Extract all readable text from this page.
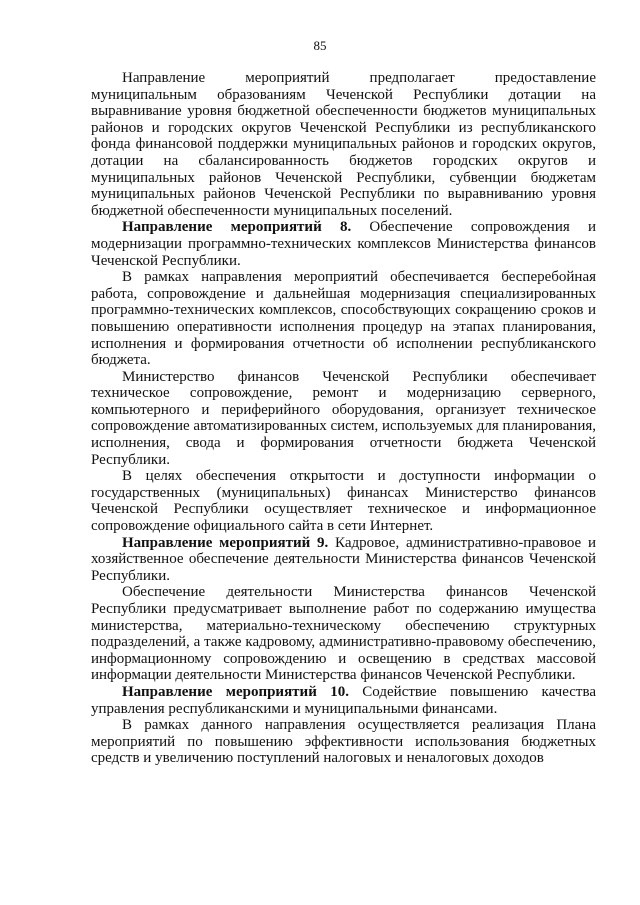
85

Направление мероприятий предполагает предоставление муниципальным образованиям Чеченской Республики дотации на выравнивание уровня бюджетной обеспеченности бюджетов муниципальных районов и городских округов Чеченской Республики из республиканского фонда финансовой поддержки муниципальных районов и городских округов, дотации на сбалансированность бюджетов городских округов и муниципальных районов Чеченской Республики, субвенции бюджетам муниципальных районов Чеченской Республики по выравниванию уровня бюджетной обеспеченности муниципальных поселений.

Направление мероприятий 8. Обеспечение сопровождения и модернизации программно-технических комплексов Министерства финансов Чеченской Республики.

В рамках направления мероприятий обеспечивается бесперебойная работа, сопровождение и дальнейшая модернизация специализированных программно-технических комплексов, способствующих сокращению сроков и повышению оперативности исполнения процедур на этапах планирования, исполнения и формирования отчетности об исполнении республиканского бюджета.

Министерство финансов Чеченской Республики обеспечивает техническое сопровождение, ремонт и модернизацию серверного, компьютерного и периферийного оборудования, организует техническое сопровождение автоматизированных систем, используемых для планирования, исполнения, свода и формирования отчетности бюджета Чеченской Республики.

В целях обеспечения открытости и доступности информации о государственных (муниципальных) финансах Министерство финансов Чеченской Республики осуществляет техническое и информационное сопровождение официального сайта в сети Интернет.

Направление мероприятий 9. Кадровое, административно-правовое и хозяйственное обеспечение деятельности Министерства финансов Чеченской Республики.

Обеспечение деятельности Министерства финансов Чеченской Республики предусматривает выполнение работ по содержанию имущества министерства, материально-техническому обеспечению структурных подразделений, а также кадровому, административно-правовому обеспечению, информационному сопровождению и освещению в средствах массовой информации деятельности Министерства финансов Чеченской Республики.

Направление мероприятий 10. Содействие повышению качества управления республиканскими и муниципальными финансами.

В рамках данного направления осуществляется реализация Плана мероприятий по повышению эффективности использования бюджетных средств и увеличению поступлений налоговых и неналоговых доходов
